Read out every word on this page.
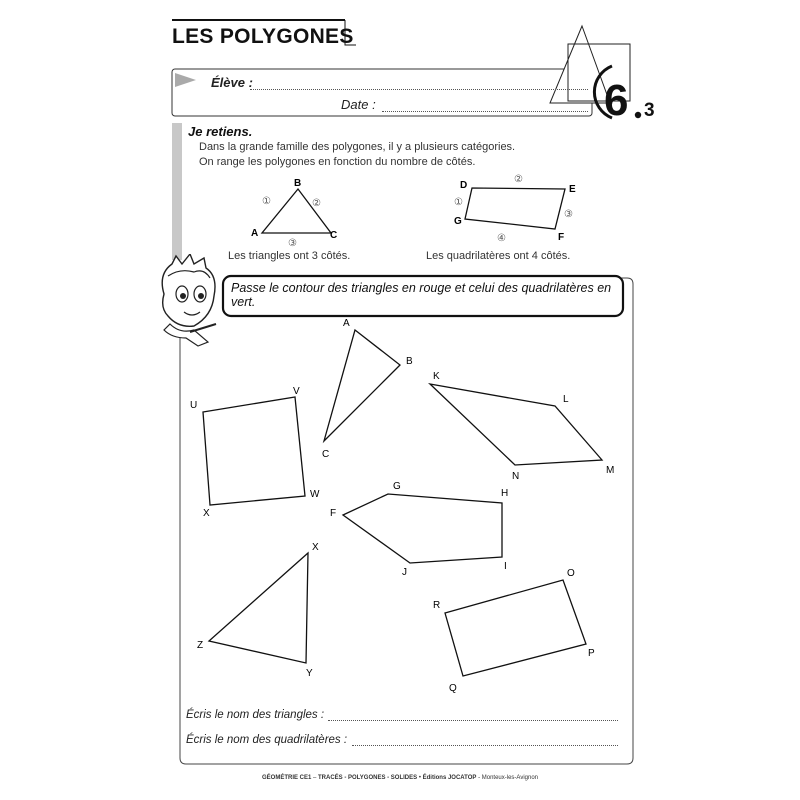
LES POLYGONES
Élève :
Date :	6 3
Je retiens.
Dans la grande famille des polygones, il y a plusieurs catégories.
On range les polygones en fonction du nombre de côtés.
B
A	C
①	②
③
D	E
F
G
①
②
③
④
Les triangles ont 3 côtés.	Les quadrilatères ont 4 côtés.
Passe le contour des triangles en rouge et celui des quadrilatères en vert.
A
B
C
U
V
W
X
K
L
M
N
F
G
H
I
J
X
Y
Z
O
P
Q
R
Écris le nom des triangles :
Écris le nom des quadrilatères :
GÉOMÉTRIE CE1 – TRACÉS - POLYGONES - SOLIDES • Éditions JOCATOP - Monteux-les-Avignon
